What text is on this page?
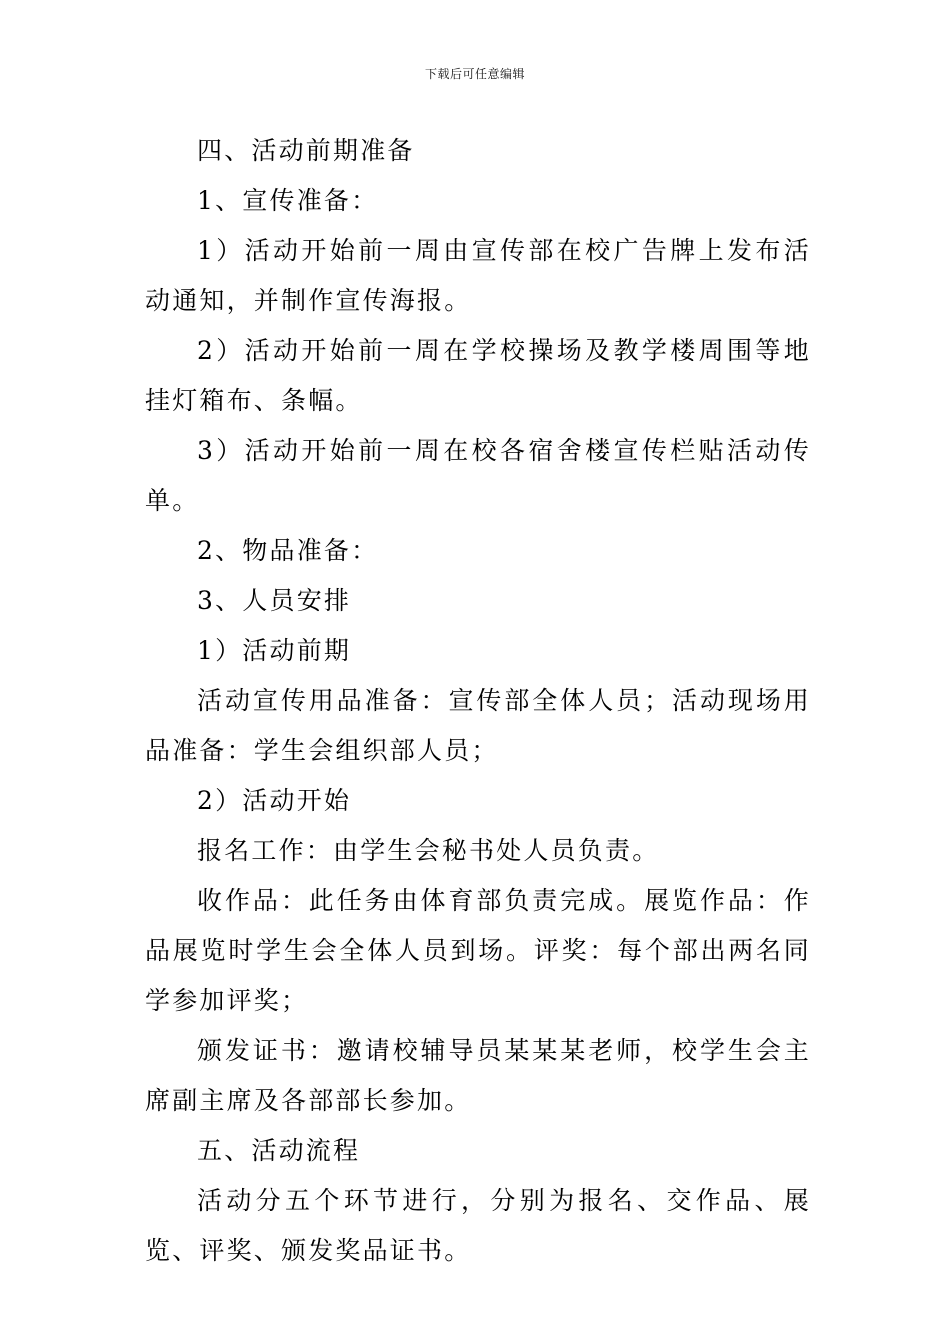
下载后可任意编辑

四、活动前期准备

1、宣传准备：

1）活动开始前一周由宣传部在校广告牌上发布活动通知，并制作宣传海报。

2）活动开始前一周在学校操场及教学楼周围等地挂灯箱布、条幅。

3）活动开始前一周在校各宿舍楼宣传栏贴活动传单。

2、物品准备：

3、人员安排

1）活动前期

活动宣传用品准备：宣传部全体人员；活动现场用品准备：学生会组织部人员；

2）活动开始

报名工作：由学生会秘书处人员负责。

收作品：此任务由体育部负责完成。展览作品：作品展览时学生会全体人员到场。评奖：每个部出两名同学参加评奖；

颁发证书：邀请校辅导员某某某老师，校学生会主席副主席及各部部长参加。

五、活动流程

活动分五个环节进行，分别为报名、交作品、展览、评奖、颁发奖品证书。
